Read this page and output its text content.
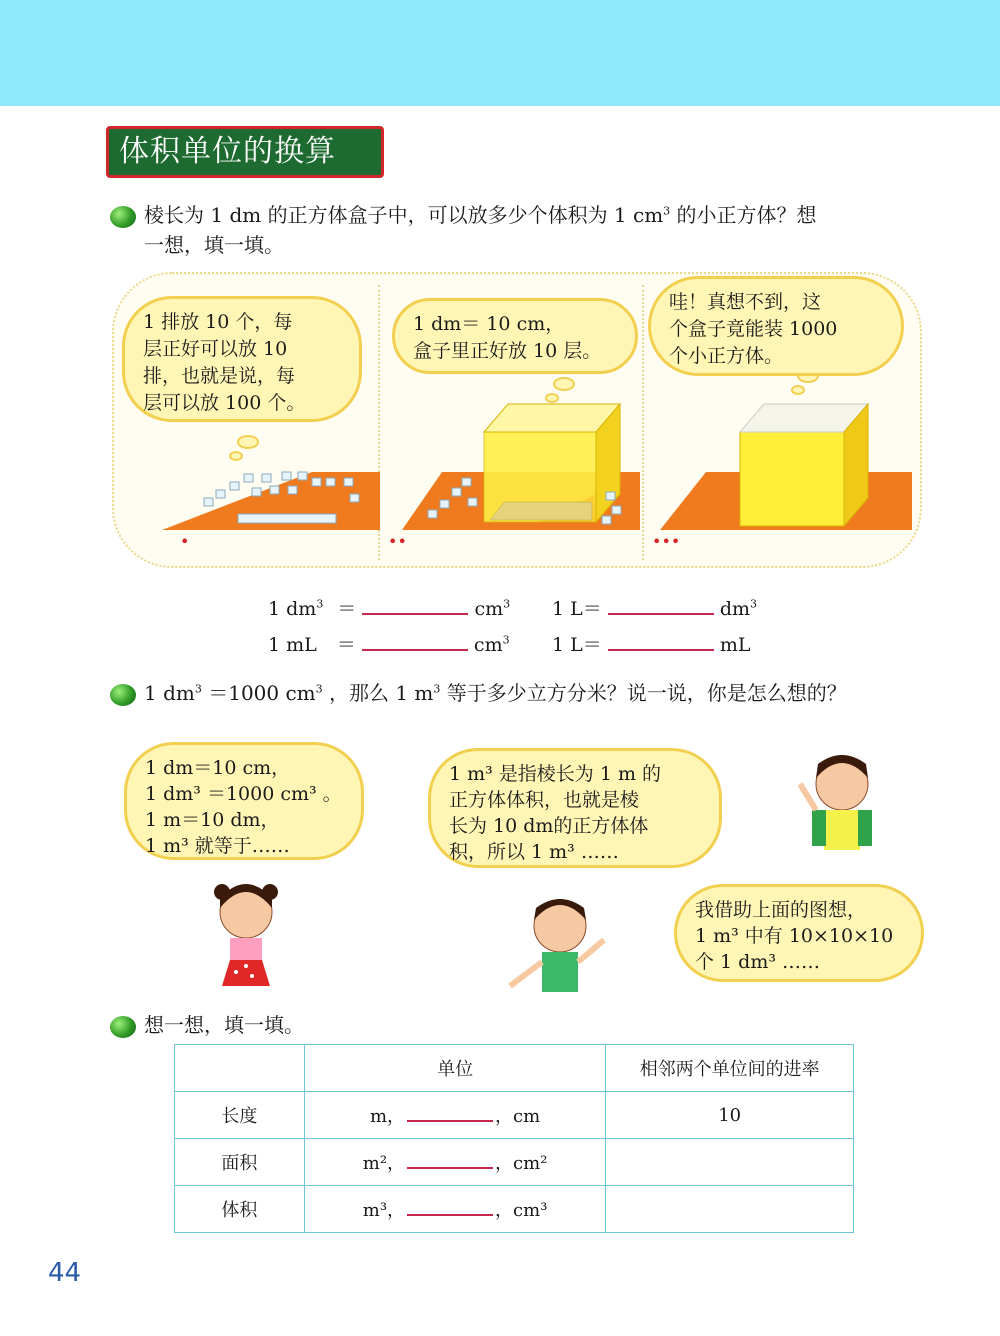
体积单位的换算
棱长为 1 dm 的正方体盒子中，可以放多少个体积为 1 $cm^3$ 的小正方体？想
一想，填一填。
•	••	•••
1 排放 10 个，每
层正好可以放 10
排，也就是说，每
层可以放 100 个。
1 dm＝ 10 cm，
盒子里正好放 10 层。
哇！真想不到，这
个盒子竟能装 1000
个小正方体。
1 $dm^3$ ＝	$cm^3$ 1 L＝	$dm^3$
1 mL ＝	$cm^3$ 1 L＝	mL
1 $dm^3 =1000$ $cm^3$ ，那么 1 $m^3$ 等于多少立方分米？说一说，你是怎么想的？
1 dm＝10 cm，
1 dm³ ＝1000 cm³ 。
1 m＝10 dm，
1 m³ 就等于……
1 m³ 是指棱长为 1 m 的
正方体体积，也就是棱
长为 10 dm的正方体体
积，所以 1 m³ ……
我借助上面的图想，
1 m³ 中有 10×10×10
个 1 dm³ ……
想一想，填一填。
	单位	相邻两个单位间的进率
长度	m， ，cm	10
面积	m²， ，cm²	
体积	m³， ，cm³	
44
